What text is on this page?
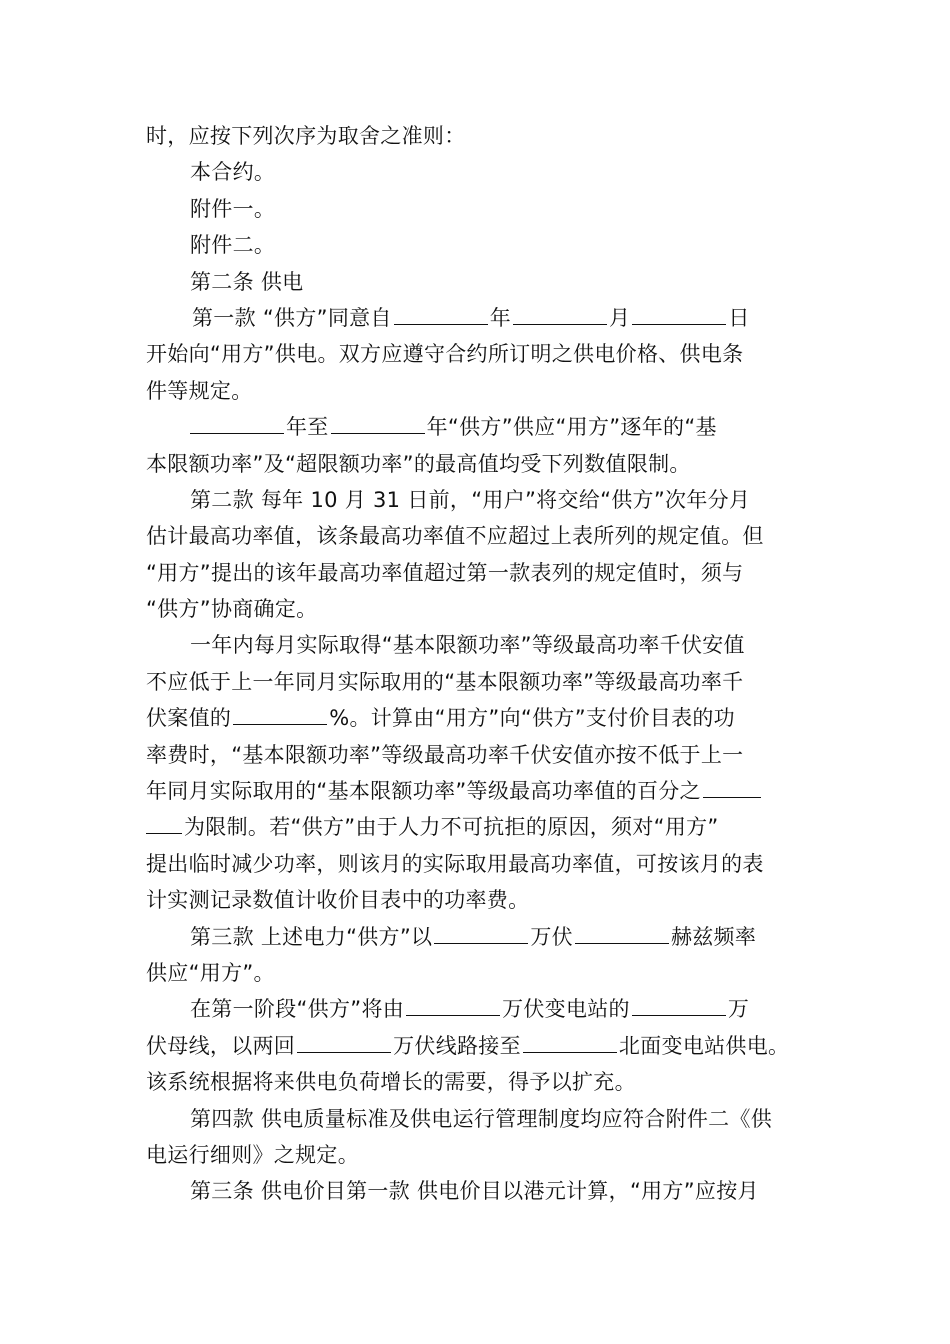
时，应按下列次序为取舍之准则：
本合约。
附件一。
附件二。
第二条 供电
第一款 “供方”同意自	年	月	日
开始向“用方”供电。双方应遵守合约所订明之供电价格、供电条
件等规定。
年至	年“供方”供应“用方”逐年的“基
本限额功率”及“超限额功率”的最高值均受下列数值限制。
第二款 每年 10 月 31 日前，“用户”将交给“供方”次年分月
估计最高功率值，该条最高功率值不应超过上表所列的规定值。但
“用方”提出的该年最高功率值超过第一款表列的规定值时，须与
“供方”协商确定。
一年内每月实际取得“基本限额功率”等级最高功率千伏安值
不应低于上一年同月实际取用的“基本限额功率”等级最高功率千
伏案值的	%。计算由“用方”向“供方”支付价目表的功
率费时，“基本限额功率”等级最高功率千伏安值亦按不低于上一
年同月实际取用的“基本限额功率”等级最高功率值的百分之
为限制。若“供方”由于人力不可抗拒的原因，须对“用方”
提出临时减少功率，则该月的实际取用最高功率值，可按该月的表
计实测记录数值计收价目表中的功率费。
第三款 上述电力“供方”以	万伏	赫兹频率
供应“用方”。
在第一阶段“供方”将由	万伏变电站的	万
伏母线，以两回	万伏线路接至	北面变电站供电。
该系统根据将来供电负荷增长的需要，得予以扩充。
第四款 供电质量标准及供电运行管理制度均应符合附件二《供
电运行细则》之规定。
第三条 供电价目第一款 供电价目以港元计算，“用方”应按月
